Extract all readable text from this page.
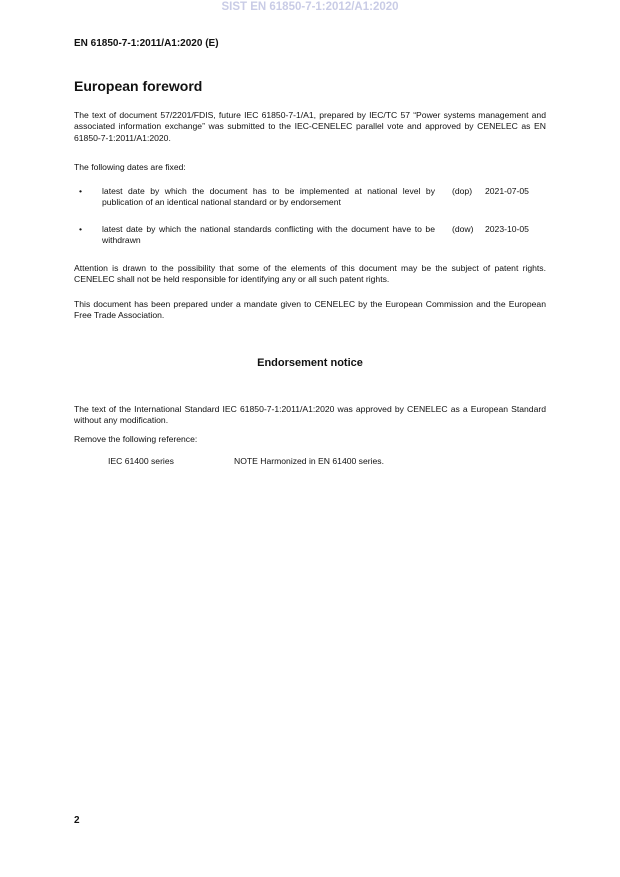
SIST EN 61850-7-1:2012/A1:2020
EN 61850-7-1:2011/A1:2020 (E)
European foreword
The text of document 57/2201/FDIS, future IEC 61850-7-1/A1, prepared by IEC/TC 57 “Power systems management and associated information exchange” was submitted to the IEC-CENELEC parallel vote and approved by CENELEC as EN 61850-7-1:2011/A1:2020.
The following dates are fixed:
• latest date by which the document has to be implemented at national level by publication of an identical national standard or by endorsement
(dop) 2021-07-05
• latest date by which the national standards conflicting with the document have to be withdrawn
(dow) 2023-10-05
Attention is drawn to the possibility that some of the elements of this document may be the subject of patent rights. CENELEC shall not be held responsible for identifying any or all such patent rights.
This document has been prepared under a mandate given to CENELEC by the European Commission and the European Free Trade Association.
Endorsement notice
The text of the International Standard IEC 61850-7-1:2011/A1:2020 was approved by CENELEC as a European Standard without any modification.
Remove the following reference:
IEC 61400 series	NOTE Harmonized in EN 61400 series.
2
